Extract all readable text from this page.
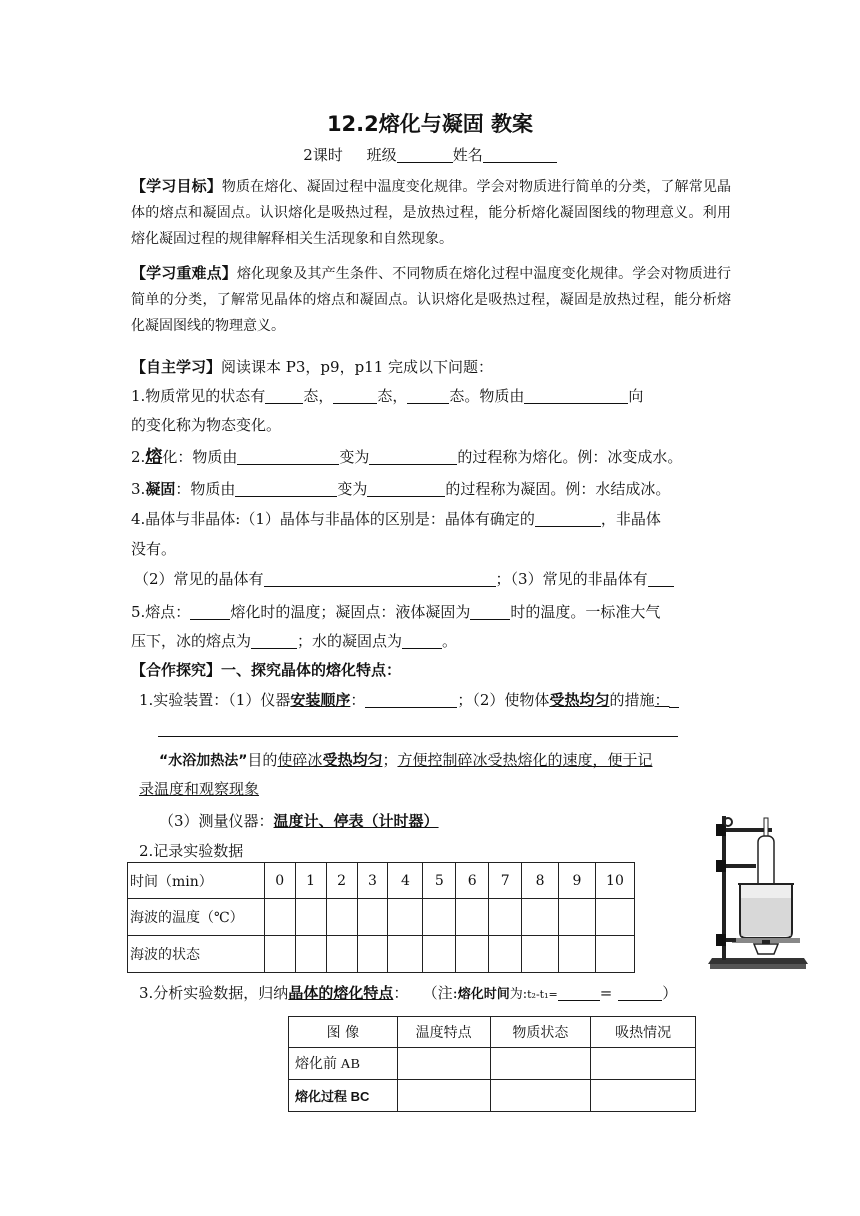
12.2熔化与凝固 教案
2课时 班级	姓名
【学习目标】物质在熔化、凝固过程中温度变化规律。学会对物质进行简单的分类，了解常见晶体的熔点和凝固点。认识熔化是吸热过程，是放热过程，能分析熔化凝固图线的物理意义。利用熔化凝固过程的规律解释相关生活现象和自然现象。
【学习重难点】熔化现象及其产生条件、不同物质在熔化过程中温度变化规律。学会对物质进行简单的分类，了解常见晶体的熔点和凝固点。认识熔化是吸热过程，凝固是放热过程，能分析熔化凝固图线的物理意义。
【自主学习】阅读课本 P3，p9，p11 完成以下问题：
1.物质常见的状态有	态，	态，	态。物质由	向
的变化称为物态变化。
2.熔化：物质由	变为	的过程称为熔化。例：冰变成水。
3.凝固：物质由	变为	的过程称为凝固。例：水结成冰。
4.晶体与非晶体:（1）晶体与非晶体的区别是：晶体有确定的	，非晶体
没有。
（2）常见的晶体有	；（3）常见的非晶体有
5.熔点：	熔化时的温度；凝固点：液体凝固为	时的温度。一标准大气
压下，冰的熔点为	；水的凝固点为	。
【合作探究】一、探究晶体的熔化特点：
1.实验装置：（1）仪器安装顺序：	；（2）使物体受热均匀的措施：
“水浴加热法”目的使碎冰受热均匀；方便控制碎冰受热熔化的速度，便于记
录温度和观察现象
（3）测量仪器：温度计、停表（计时器）
2.记录实验数据
时间（min）	0	1	2	3	4	5	6	7	8	9	10
海波的温度（℃）											
海波的状态											
3.分析实验数据，归纳晶体的熔化特点： （注:熔化时间为:t₂-t₁=	=	）
图 像	温度特点	物质状态	吸热情况
熔化前 AB			
熔化过程 BC			
